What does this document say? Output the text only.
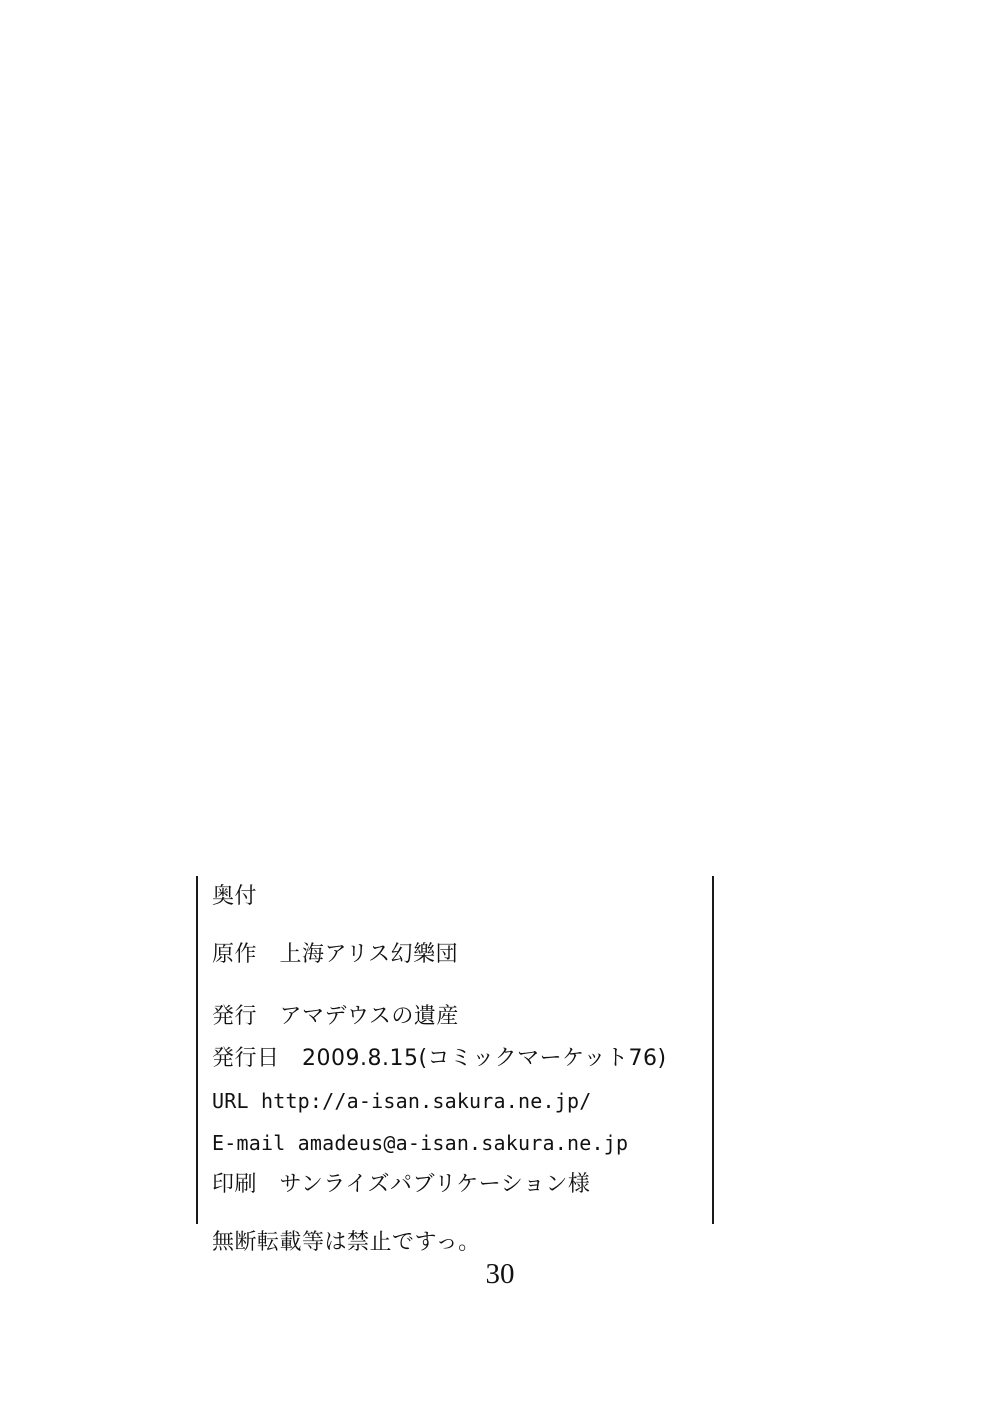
奥付
原作　上海アリス幻樂団
発行　アマデウスの遺産
発行日　2009.8.15(コミックマーケット76)
URL http://a-isan.sakura.ne.jp/
E-mail amadeus@a-isan.sakura.ne.jp
印刷　サンライズパブリケーション様
無断転載等は禁止ですっ。
30
